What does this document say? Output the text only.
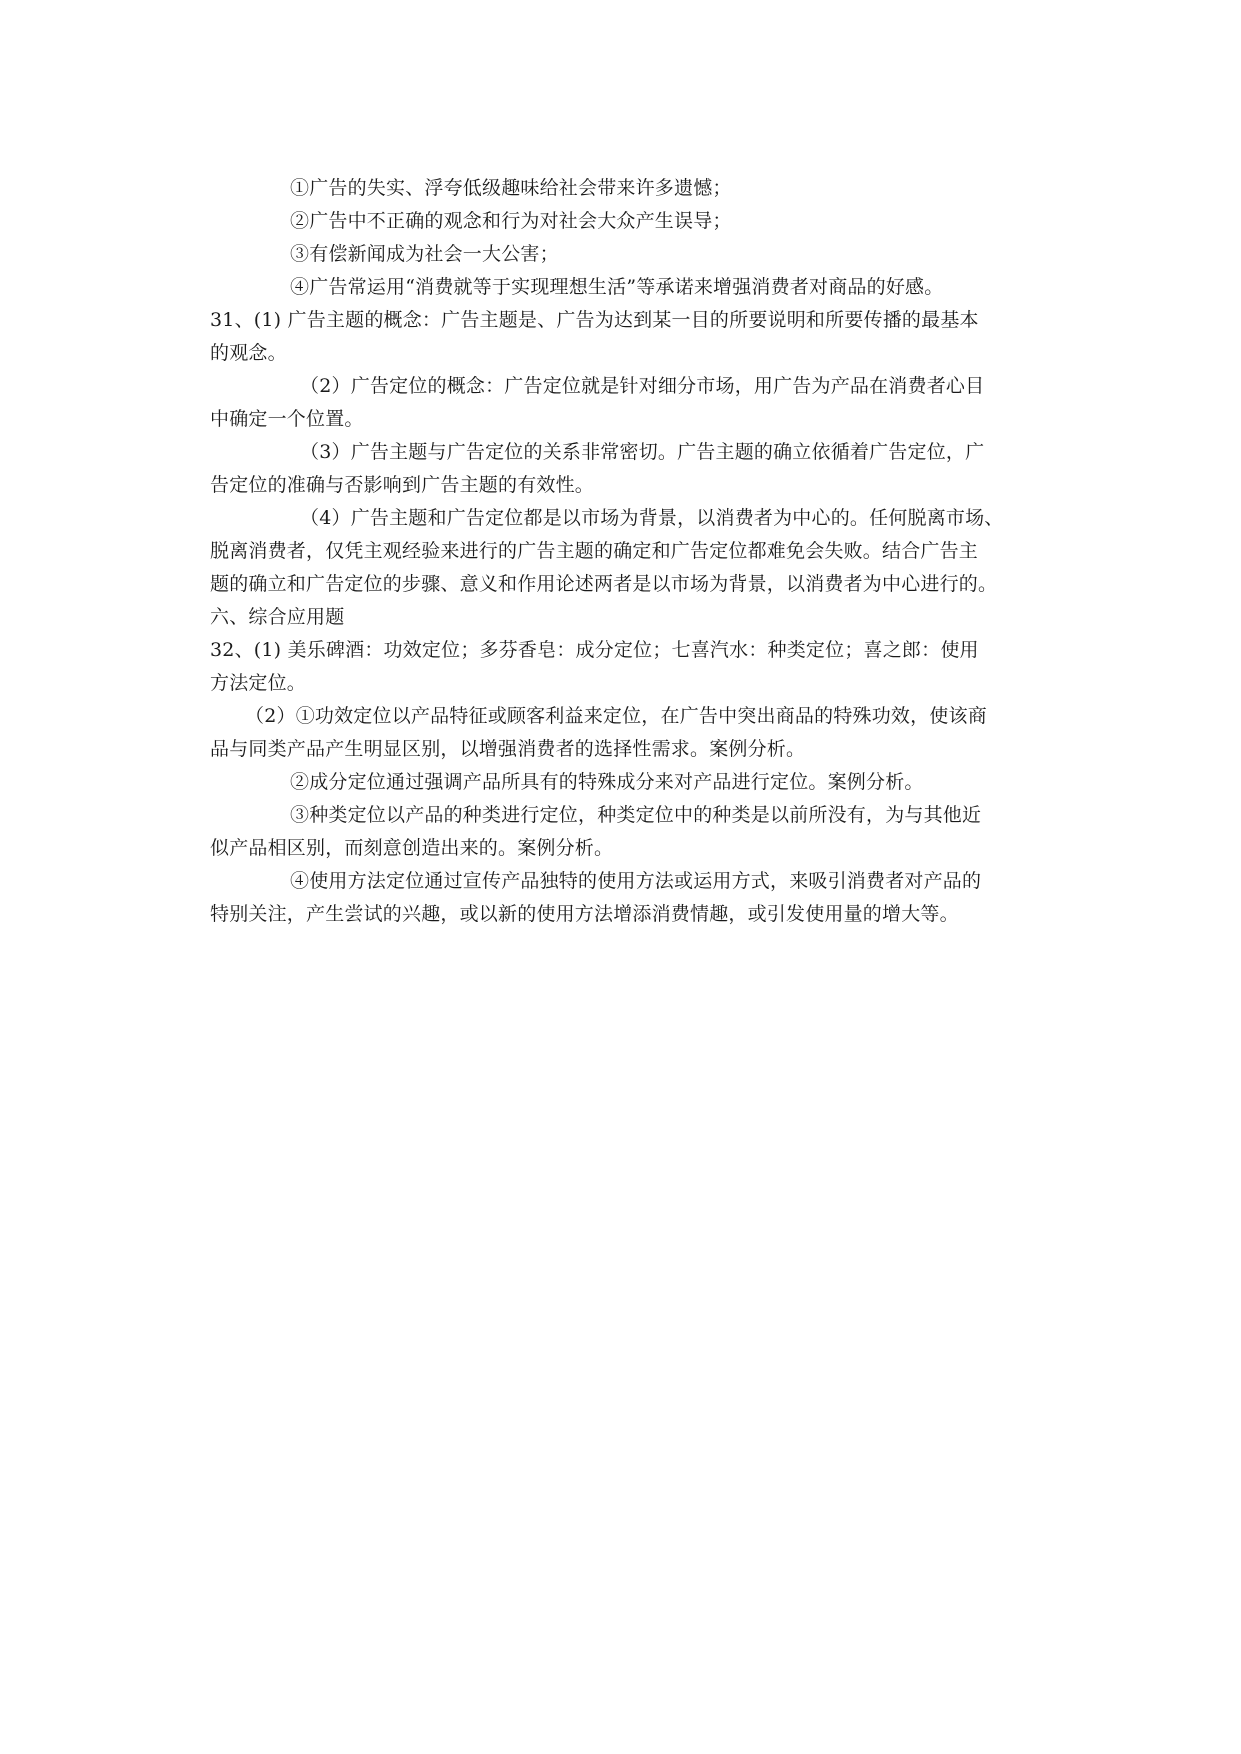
①广告的失实、浮夸低级趣味给社会带来许多遗憾；
②广告中不正确的观念和行为对社会大众产生误导；
③有偿新闻成为社会一大公害；
④广告常运用“消费就等于实现理想生活”等承诺来增强消费者对商品的好感。
31、(1) 广告主题的概念：广告主题是、广告为达到某一目的所要说明和所要传播的最基本
的观念。
（2）广告定位的概念：广告定位就是针对细分市场，用广告为产品在消费者心目
中确定一个位置。
（3）广告主题与广告定位的关系非常密切。广告主题的确立依循着广告定位，广
告定位的准确与否影响到广告主题的有效性。
（4）广告主题和广告定位都是以市场为背景，以消费者为中心的。任何脱离市场、
脱离消费者，仅凭主观经验来进行的广告主题的确定和广告定位都难免会失败。结合广告主
题的确立和广告定位的步骤、意义和作用论述两者是以市场为背景，以消费者为中心进行的。
六、综合应用题
32、(1) 美乐碑酒：功效定位；多芬香皂：成分定位；七喜汽水：种类定位；喜之郎：使用
方法定位。
（2）①功效定位以产品特征或顾客利益来定位，在广告中突出商品的特殊功效，使该商
品与同类产品产生明显区别，以增强消费者的选择性需求。案例分析。
②成分定位通过强调产品所具有的特殊成分来对产品进行定位。案例分析。
③种类定位以产品的种类进行定位，种类定位中的种类是以前所没有，为与其他近
似产品相区别，而刻意创造出来的。案例分析。
④使用方法定位通过宣传产品独特的使用方法或运用方式，来吸引消费者对产品的
特别关注，产生尝试的兴趣，或以新的使用方法增添消费情趣，或引发使用量的增大等。
